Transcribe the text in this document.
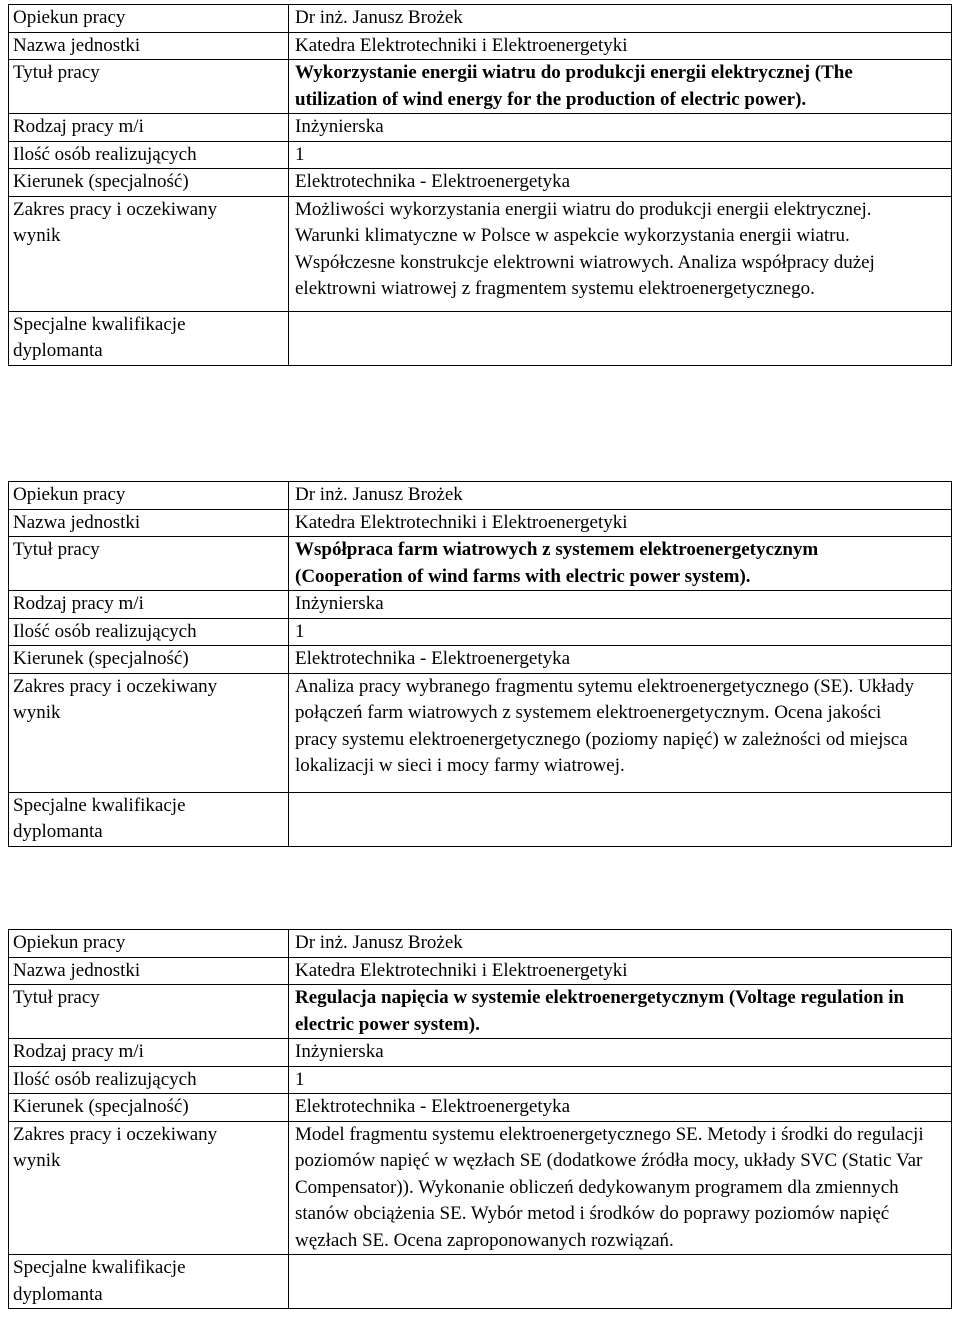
Opiekun pracy	Dr inż. Janusz Brożek
Nazwa jednostki	Katedra Elektrotechniki i Elektroenergetyki
Tytuł pracy	Wykorzystanie energii wiatru do produkcji energii elektrycznej (The utilization of wind energy for the production of electric power).
Rodzaj pracy m/i	Inżynierska
Ilość osób realizujących	1
Kierunek (specjalność)	Elektrotechnika - Elektroenergetyka
Zakres pracy i oczekiwany wynik	Możliwości wykorzystania energii wiatru do produkcji energii elektrycznej. Warunki klimatyczne w Polsce w aspekcie wykorzystania energii wiatru. Współczesne konstrukcje elektrowni wiatrowych. Analiza współpracy dużej elektrowni wiatrowej z fragmentem systemu elektroenergetycznego.
Specjalne kwalifikacje dyplomanta	
Opiekun pracy	Dr inż. Janusz Brożek
Nazwa jednostki	Katedra Elektrotechniki i Elektroenergetyki
Tytuł pracy	Współpraca farm wiatrowych z systemem elektroenergetycznym (Cooperation of wind farms with electric power system).
Rodzaj pracy m/i	Inżynierska
Ilość osób realizujących	1
Kierunek (specjalność)	Elektrotechnika - Elektroenergetyka
Zakres pracy i oczekiwany wynik	Analiza pracy wybranego fragmentu sytemu elektroenergetycznego (SE). Układy połączeń farm wiatrowych z systemem elektroenergetycznym. Ocena jakości pracy systemu elektroenergetycznego (poziomy napięć) w zależności od miejsca lokalizacji w sieci i mocy farmy wiatrowej.
Specjalne kwalifikacje dyplomanta	
Opiekun pracy	Dr inż. Janusz Brożek
Nazwa jednostki	Katedra Elektrotechniki i Elektroenergetyki
Tytuł pracy	Regulacja napięcia w systemie elektroenergetycznym (Voltage regulation in electric power system).
Rodzaj pracy m/i	Inżynierska
Ilość osób realizujących	1
Kierunek (specjalność)	Elektrotechnika - Elektroenergetyka
Zakres pracy i oczekiwany wynik	Model fragmentu systemu elektroenergetycznego SE. Metody i środki do regulacji poziomów napięć w węzłach SE (dodatkowe źródła mocy, układy SVC (Static Var Compensator)). Wykonanie obliczeń dedykowanym programem dla zmiennych stanów obciążenia SE. Wybór metod i środków do poprawy poziomów napięć węzłach SE. Ocena zaproponowanych rozwiązań.
Specjalne kwalifikacje dyplomanta	
